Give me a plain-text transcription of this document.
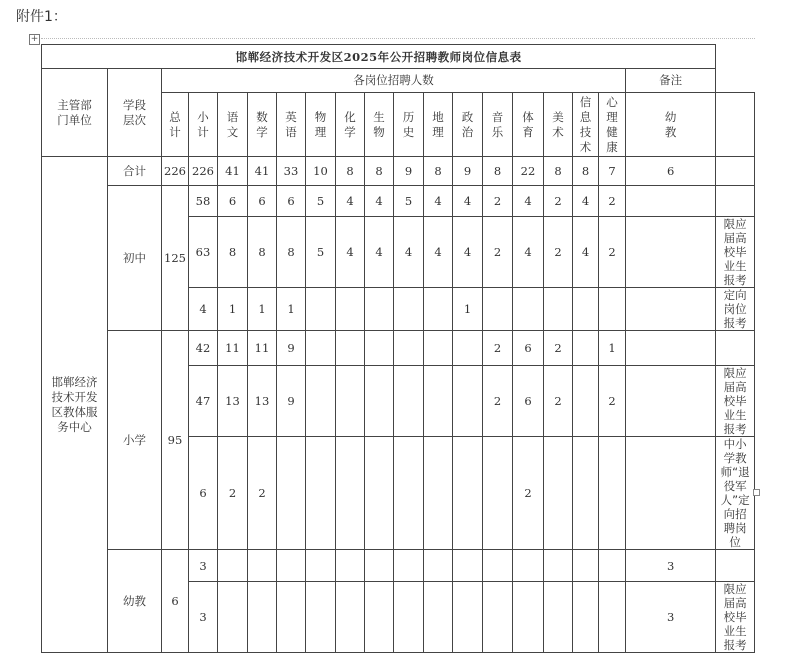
附件1：
+
邯郸经济技术开发区2025年公开招聘教师岗位信息表																			
主管部门单位	学段层次	各岗位招聘人数																备注	
		总计	小计	语文	数学	英语	物理	化学	生物	历史	地理	政治	音乐	体育	美术	信息技术	心理健康	幼教	
邯郸经济技术开发区教体服务中心	合计	226	226	41	41	33	10	8	8	9	8	9	8	22	8	8	7	6	
	初中	125	58	6	6	6	5	4	4	5	4	4	2	4	2	4	2		
			63	8	8	8	5	4	4	4	4	4	2	4	2	4	2		限应届高校毕业生报考
			4	1	1	1						1							定向岗位报考
	小学	95	42	11	11	9							2	6	2		1		
			47	13	13	9							2	6	2		2		限应届高校毕业生报考
			6	2	2									2					中小学教师“退役军人”定向招聘岗位
	幼教	6	3															3	
			3															3	限应届高校毕业生报考
